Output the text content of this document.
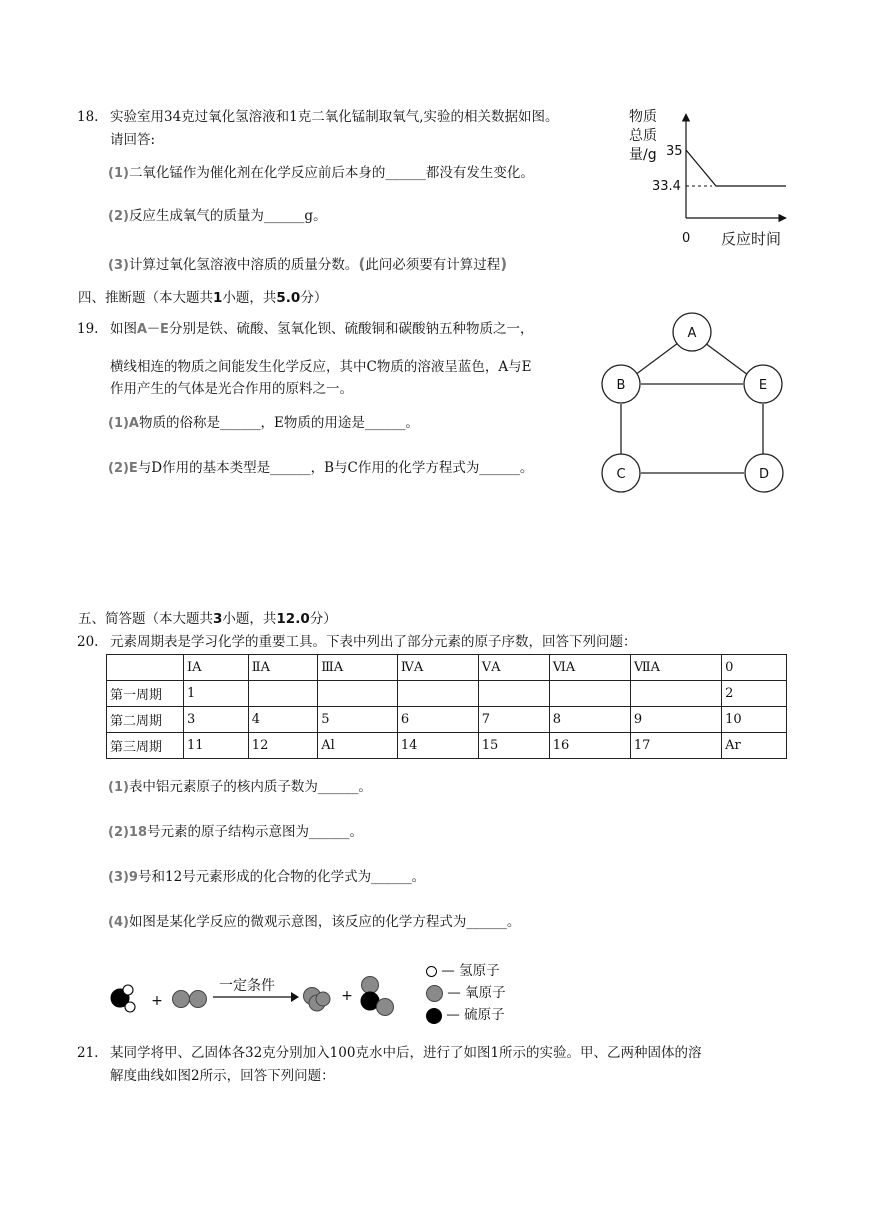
18. 实验室用34克过氧化氢溶液和1克二氧化锰制取氧气,实验的相关数据如图。
请回答:
(1)二氧化锰作为催化剂在化学反应前后本身的______都没有发生变化。
(2)反应生成氧气的质量为______g。
(3)计算过氧化氢溶液中溶质的质量分数。(此问必须要有计算过程)
物质
总质
量/g 35
33.4
0 反应时间
四、推断题（本大题共1小题，共5.0分）
19. 如图A－E分别是铁、硫酸、氢氧化钡、硫酸铜和碳酸钠五种物质之一，
横线相连的物质之间能发生化学反应，其中C物质的溶液呈蓝色，A与E
作用产生的气体是光合作用的原料之一。
(1)A物质的俗称是______，E物质的用途是______。
(2)E与D作用的基本类型是______，B与C作用的化学方程式为______。
A
B	E
C	D
五、简答题（本大题共3小题，共12.0分）
20. 元素周期表是学习化学的重要工具。下表中列出了部分元素的原子序数，回答下列问题：
	ⅠA	ⅡA	ⅢA	ⅣA	ⅤA	ⅥA	ⅦA	0
第一周期	1							2
第二周期	3	4	5	6	7	8	9	10
第三周期	11	12	Al	14	15	16	17	Ar
(1)表中铝元素原子的核内质子数为______。
(2)18号元素的原子结构示意图为______。
(3)9号和12号元素形成的化合物的化学式为______。
(4)如图是某化学反应的微观示意图，该反应的化学方程式为______。
+
一定条件
+
— 氢原子
— 氧原子
— 硫原子
21. 某同学将甲、乙固体各32克分别加入100克水中后，进行了如图1所示的实验。甲、乙两种固体的溶
解度曲线如图2所示，回答下列问题：
